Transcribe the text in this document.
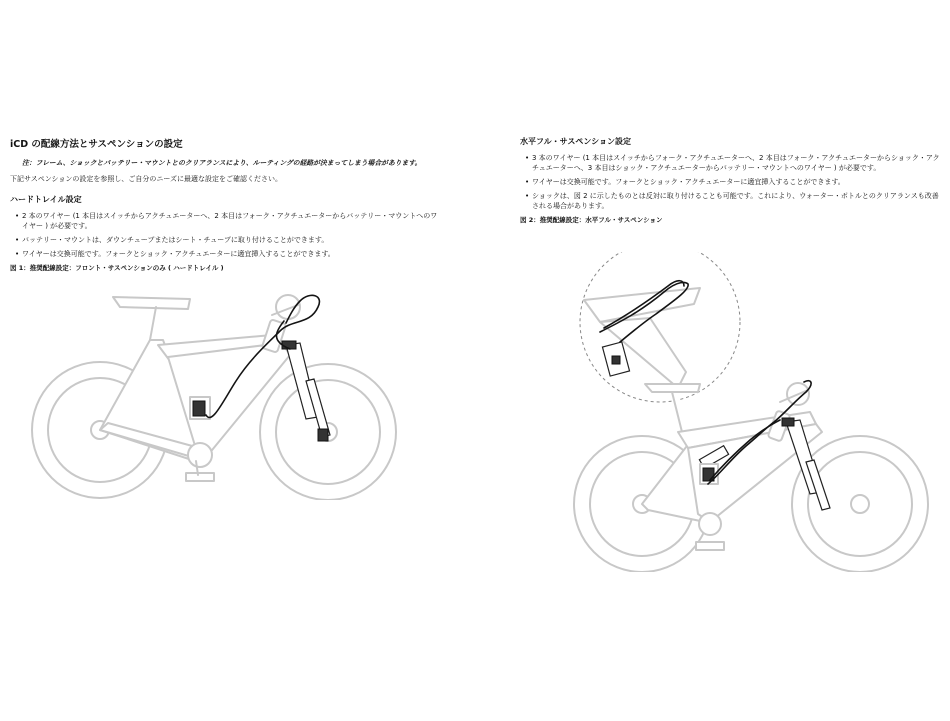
iCD の配線方法とサスペンションの設定
注：フレーム、ショックとバッテリー・マウントとのクリアランスにより、ルーティングの経路が決まってしまう場合があります。
下記サスペンションの設定を参照し、ご自分のニーズに最適な設定をご確認ください。
ハードトレイル設定
• 2 本のワイヤー (1 本目はスイッチからアクチュエーターへ、2 本目はフォーク・アクチュエーターからバッテリー・マウントへのワイヤー ) が必要です。
• バッテリー・マウントは、ダウンチューブまたはシート・チューブに取り付けることができます。
• ワイヤーは交換可能です。フォークとショック・アクチュエーターに適宜挿入することができます。
図 1：推奨配線設定：フロント・サスペンションのみ ( ハードトレイル )
水平フル・サスペンション設定
• 3 本のワイヤー (1 本目はスイッチからフォーク・アクチュエーターへ、2 本目はフォーク・アクチュエーターからショック・アクチュエーターへ、3 本目はショック・アクチュエーターからバッテリー・マウントへのワイヤー ) が必要です。
• ワイヤーは交換可能です。フォークとショック・アクチュエーターに適宜挿入することができます。
• ショックは、図 2 に示したものとは反対に取り付けることも可能です。これにより、ウォーター・ボトルとのクリアランスも改善される場合があります。
図 2：推奨配線設定：水平フル・サスペンション
